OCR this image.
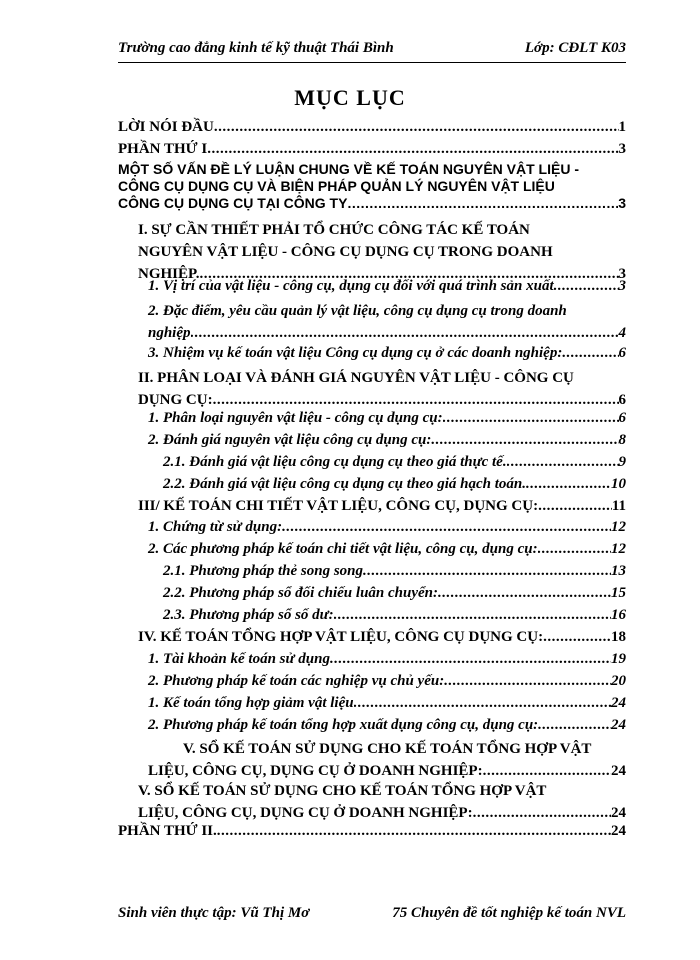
Trường cao đẳng kinh tế kỹ thuật Thái Bình	Lớp: CĐLT K03
MỤC LỤC
LỜI NÓI ĐẦU .....	1
PHẦN THỨ I .....	3
MỘT SỐ VẤN ĐỀ LÝ LUẬN CHUNG VỀ KẾ TOÁN NGUYÊN VẬT LIỆU -
CÔNG CỤ DỤNG CỤ VÀ BIỆN PHÁP QUẢN LÝ NGUYÊN VẬT LIỆU
CÔNG CỤ DỤNG CỤ TẠI CÔNG TY .....	3
I. SỰ CẦN THIẾT PHẢI TỔ CHỨC CÔNG TÁC KẾ TOÁN
NGUYÊN VẬT LIỆU - CÔNG CỤ DỤNG CỤ TRONG DOANH
NGHIỆP. .....	3
1. Vị trí của vật liệu - công cụ, dụng cụ đối với quá trình sản xuất .....	3
2. Đặc điểm, yêu cầu quản lý vật liệu, công cụ dụng cụ trong doanh
nghiệp .....	4
3. Nhiệm vụ kế toán vật liệu Công cụ dụng cụ ở các doanh nghiệp: .....	6
II. PHÂN LOẠI VÀ ĐÁNH GIÁ NGUYÊN VẬT LIỆU - CÔNG CỤ
DỤNG CỤ: .....	6
1. Phân loại nguyên vật liệu - công cụ dụng cụ: .....	6
2. Đánh giá nguyên vật liệu công cụ dụng cụ: .....	8
2.1. Đánh giá vật liệu công cụ dụng cụ theo giá thực tế. .....	9
2.2. Đánh giá vật liệu công cụ dụng cụ theo giá hạch toán. .....	10
III/ KẾ TOÁN CHI TIẾT VẬT LIỆU, CÔNG CỤ, DỤNG CỤ: .....	11
1. Chứng từ sử dụng: .....	12
2. Các phương pháp kế toán chi tiết vật liệu, công cụ, dụng cụ: .....	12
2.1. Phương pháp thẻ song song .....	13
2.2. Phương pháp sổ đối chiếu luân chuyển: .....	15
2.3. Phương pháp sổ số dư: .....	16
IV. KẾ TOÁN TỔNG HỢP VẬT LIỆU, CÔNG CỤ DỤNG CỤ: .....	18
1. Tài khoản kế toán sử dụng .....	19
2. Phương pháp kế toán các nghiệp vụ chủ yếu: .....	20
1. Kế toán tổng hợp giảm vật liệu .....	24
2. Phương pháp kế toán tổng hợp xuất dụng công cụ, dụng cụ: .....	24
V. SỔ KẾ TOÁN SỬ DỤNG CHO KẾ TOÁN TỔNG HỢP VẬT
LIỆU, CÔNG CỤ, DỤNG CỤ Ở DOANH NGHIỆP: .....	24
V. SỔ KẾ TOÁN SỬ DỤNG CHO KẾ TOÁN TỔNG HỢP VẬT
LIỆU, CÔNG CỤ, DỤNG CỤ Ở DOANH NGHIỆP: .....	24
PHẦN THỨ II. .....	24
Sinh viên thực tập: Vũ Thị Mơ	75 Chuyên đề tốt nghiệp kế toán NVL
